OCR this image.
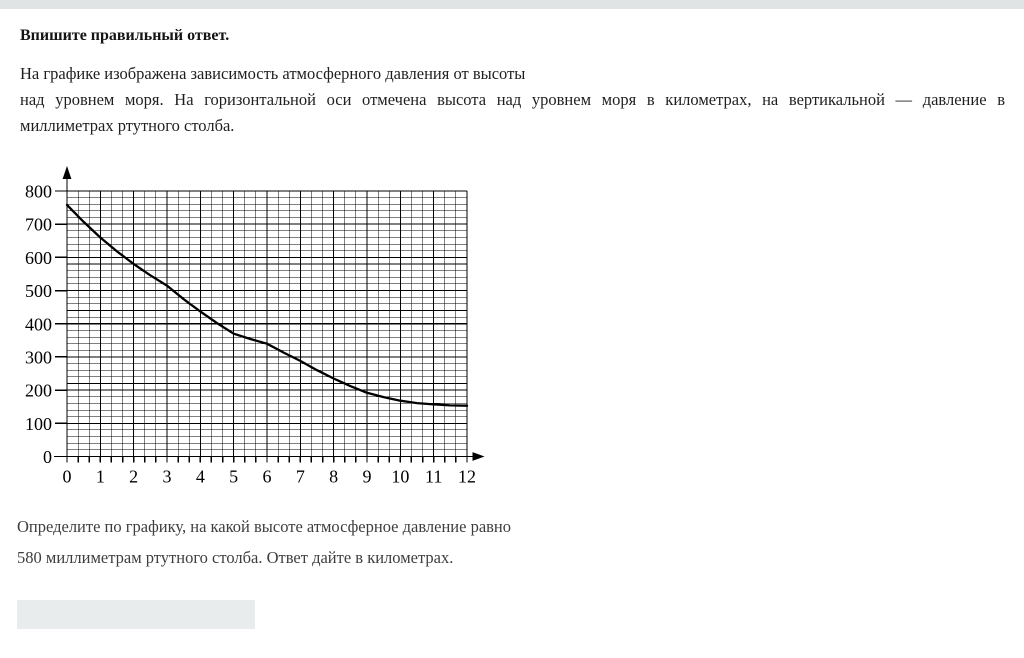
Впишите правильный ответ.
На графике изображена зависимость атмосферного давления от высоты
над уровнем моря. На горизонтальной оси отмечена высота над уровнем моря в километрах, на вертикальной — давление в
миллиметрах ртутного столба.
0
100
200
300
400
500
600
700
800
0 1 2 3 4 5 6 7 8 9 10 11 12
Определите по графику, на какой высоте атмосферное давление равно
580 миллиметрам ртутного столба. Ответ дайте в километрах.
